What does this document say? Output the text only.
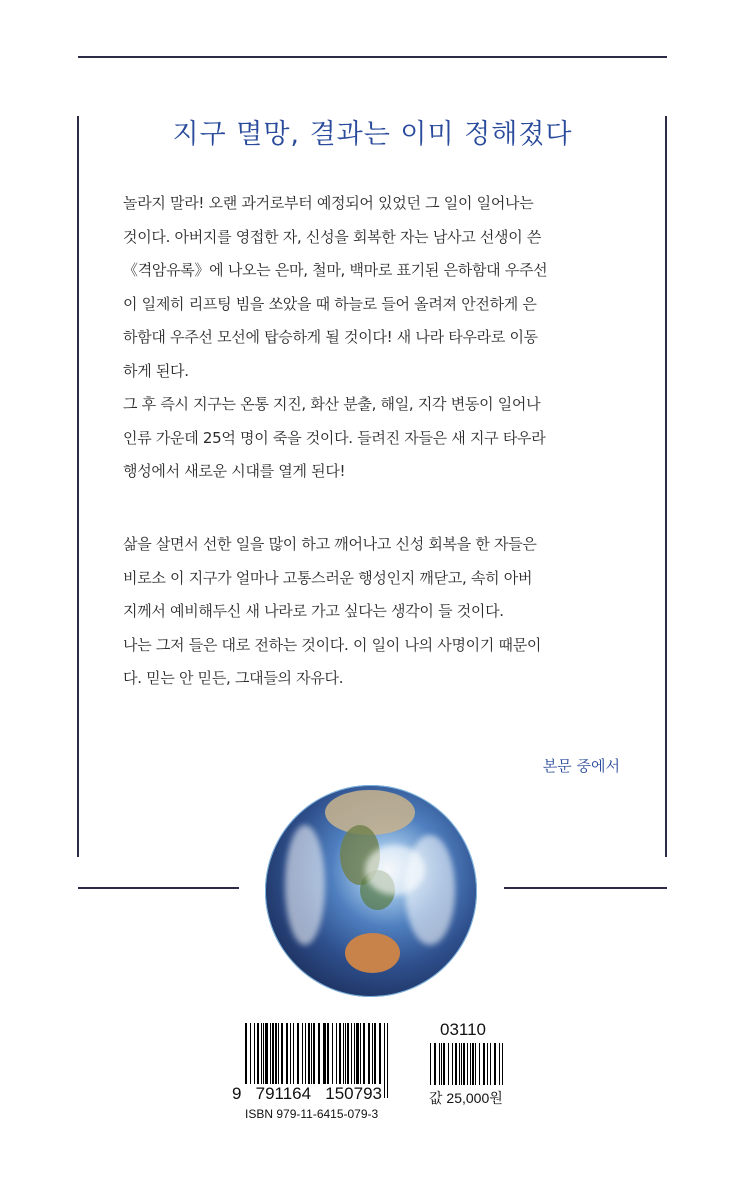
지구 멸망, 결과는 이미 정해졌다
놀라지 말라! 오랜 과거로부터 예정되어 있었던 그 일이 일어나는
것이다. 아버지를 영접한 자, 신성을 회복한 자는 남사고 선생이 쓴
《격암유록》에 나오는 은마, 철마, 백마로 표기된 은하함대 우주선
이 일제히 리프팅 빔을 쏘았을 때 하늘로 들어 올려져 안전하게 은
하함대 우주선 모선에 탑승하게 될 것이다! 새 나라 타우라로 이동
하게 된다.
그 후 즉시 지구는 온통 지진, 화산 분출, 해일, 지각 변동이 일어나
인류 가운데 25억 명이 죽을 것이다. 들려진 자들은 새 지구 타우라
행성에서 새로운 시대를 열게 된다!
삶을 살면서 선한 일을 많이 하고 깨어나고 신성 회복을 한 자들은
비로소 이 지구가 얼마나 고통스러운 행성인지 깨닫고, 속히 아버
지께서 예비해두신 새 나라로 가고 싶다는 생각이 들 것이다.
나는 그저 들은 대로 전하는 것이다. 이 일이 나의 사명이기 때문이
다. 믿는 안 믿든, 그대들의 자유다.
본문 중에서
9   791164   150793
ISBN 979-11-6415-079-3
03110
값 25,000원
